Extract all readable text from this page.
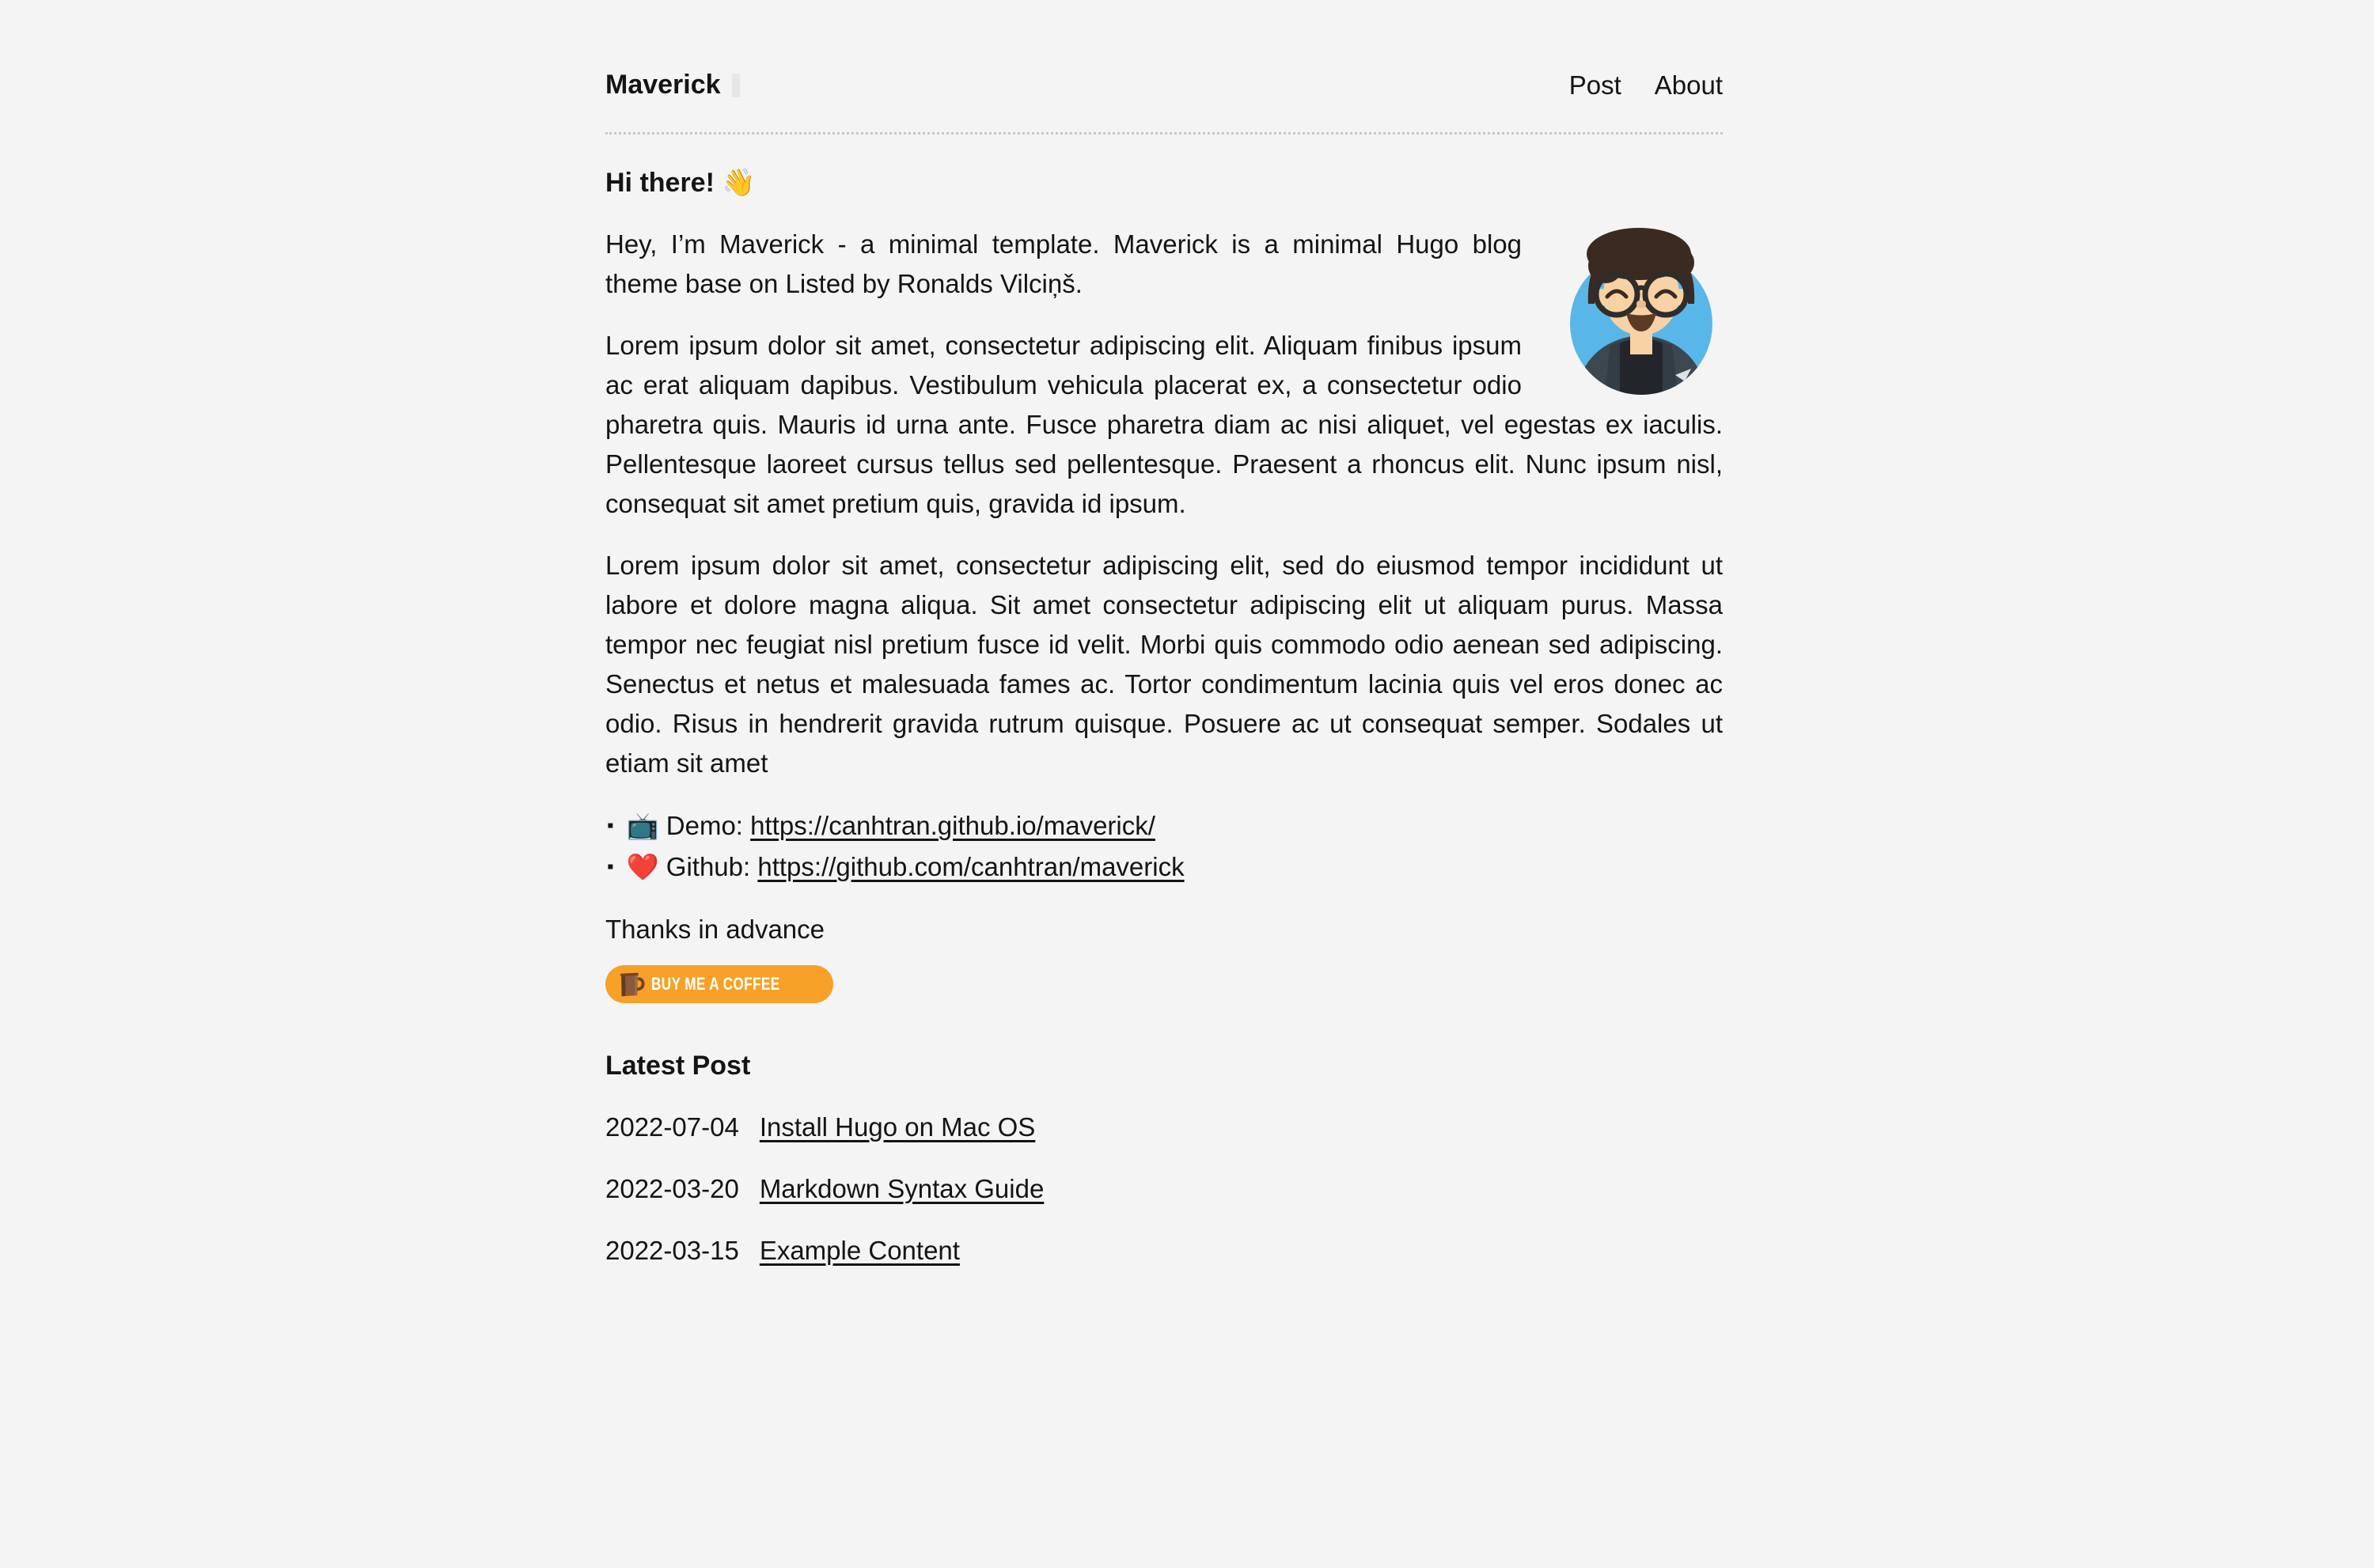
Maverick	Post About
Hi there! 👋

Hey, I’m Maverick - a minimal template. Maverick is a minimal Hugo blog theme base on Listed by Ronalds Vilciņš.

Lorem ipsum dolor sit amet, consectetur adipiscing elit. Aliquam finibus ipsum ac erat aliquam dapibus. Vestibulum vehicula placerat ex, a consectetur odio pharetra quis. Mauris id urna ante. Fusce pharetra diam ac nisi aliquet, vel egestas ex iaculis. Pellentesque laoreet cursus tellus sed pellentesque. Praesent a rhoncus elit. Nunc ipsum nisl, consequat sit amet pretium quis, gravida id ipsum.

Lorem ipsum dolor sit amet, consectetur adipiscing elit, sed do eiusmod tempor incididunt ut labore et dolore magna aliqua. Sit amet consectetur adipiscing elit ut aliquam purus. Massa tempor nec feugiat nisl pretium fusce id velit. Morbi quis commodo odio aenean sed adipiscing. Senectus et netus et malesuada fames ac. Tortor condimentum lacinia quis vel eros donec ac odio. Risus in hendrerit gravida rutrum quisque. Posuere ac ut consequat semper. Sodales ut etiam sit amet

▪ 📺 Demo: https://canhtran.github.io/maverick/
▪ ❤️ Github: https://github.com/canhtran/maverick

Thanks in advance

BUY ME A COFFEE
Latest Post
2022-07-04 Install Hugo on Mac OS
2022-03-20 Markdown Syntax Guide
2022-03-15 Example Content
